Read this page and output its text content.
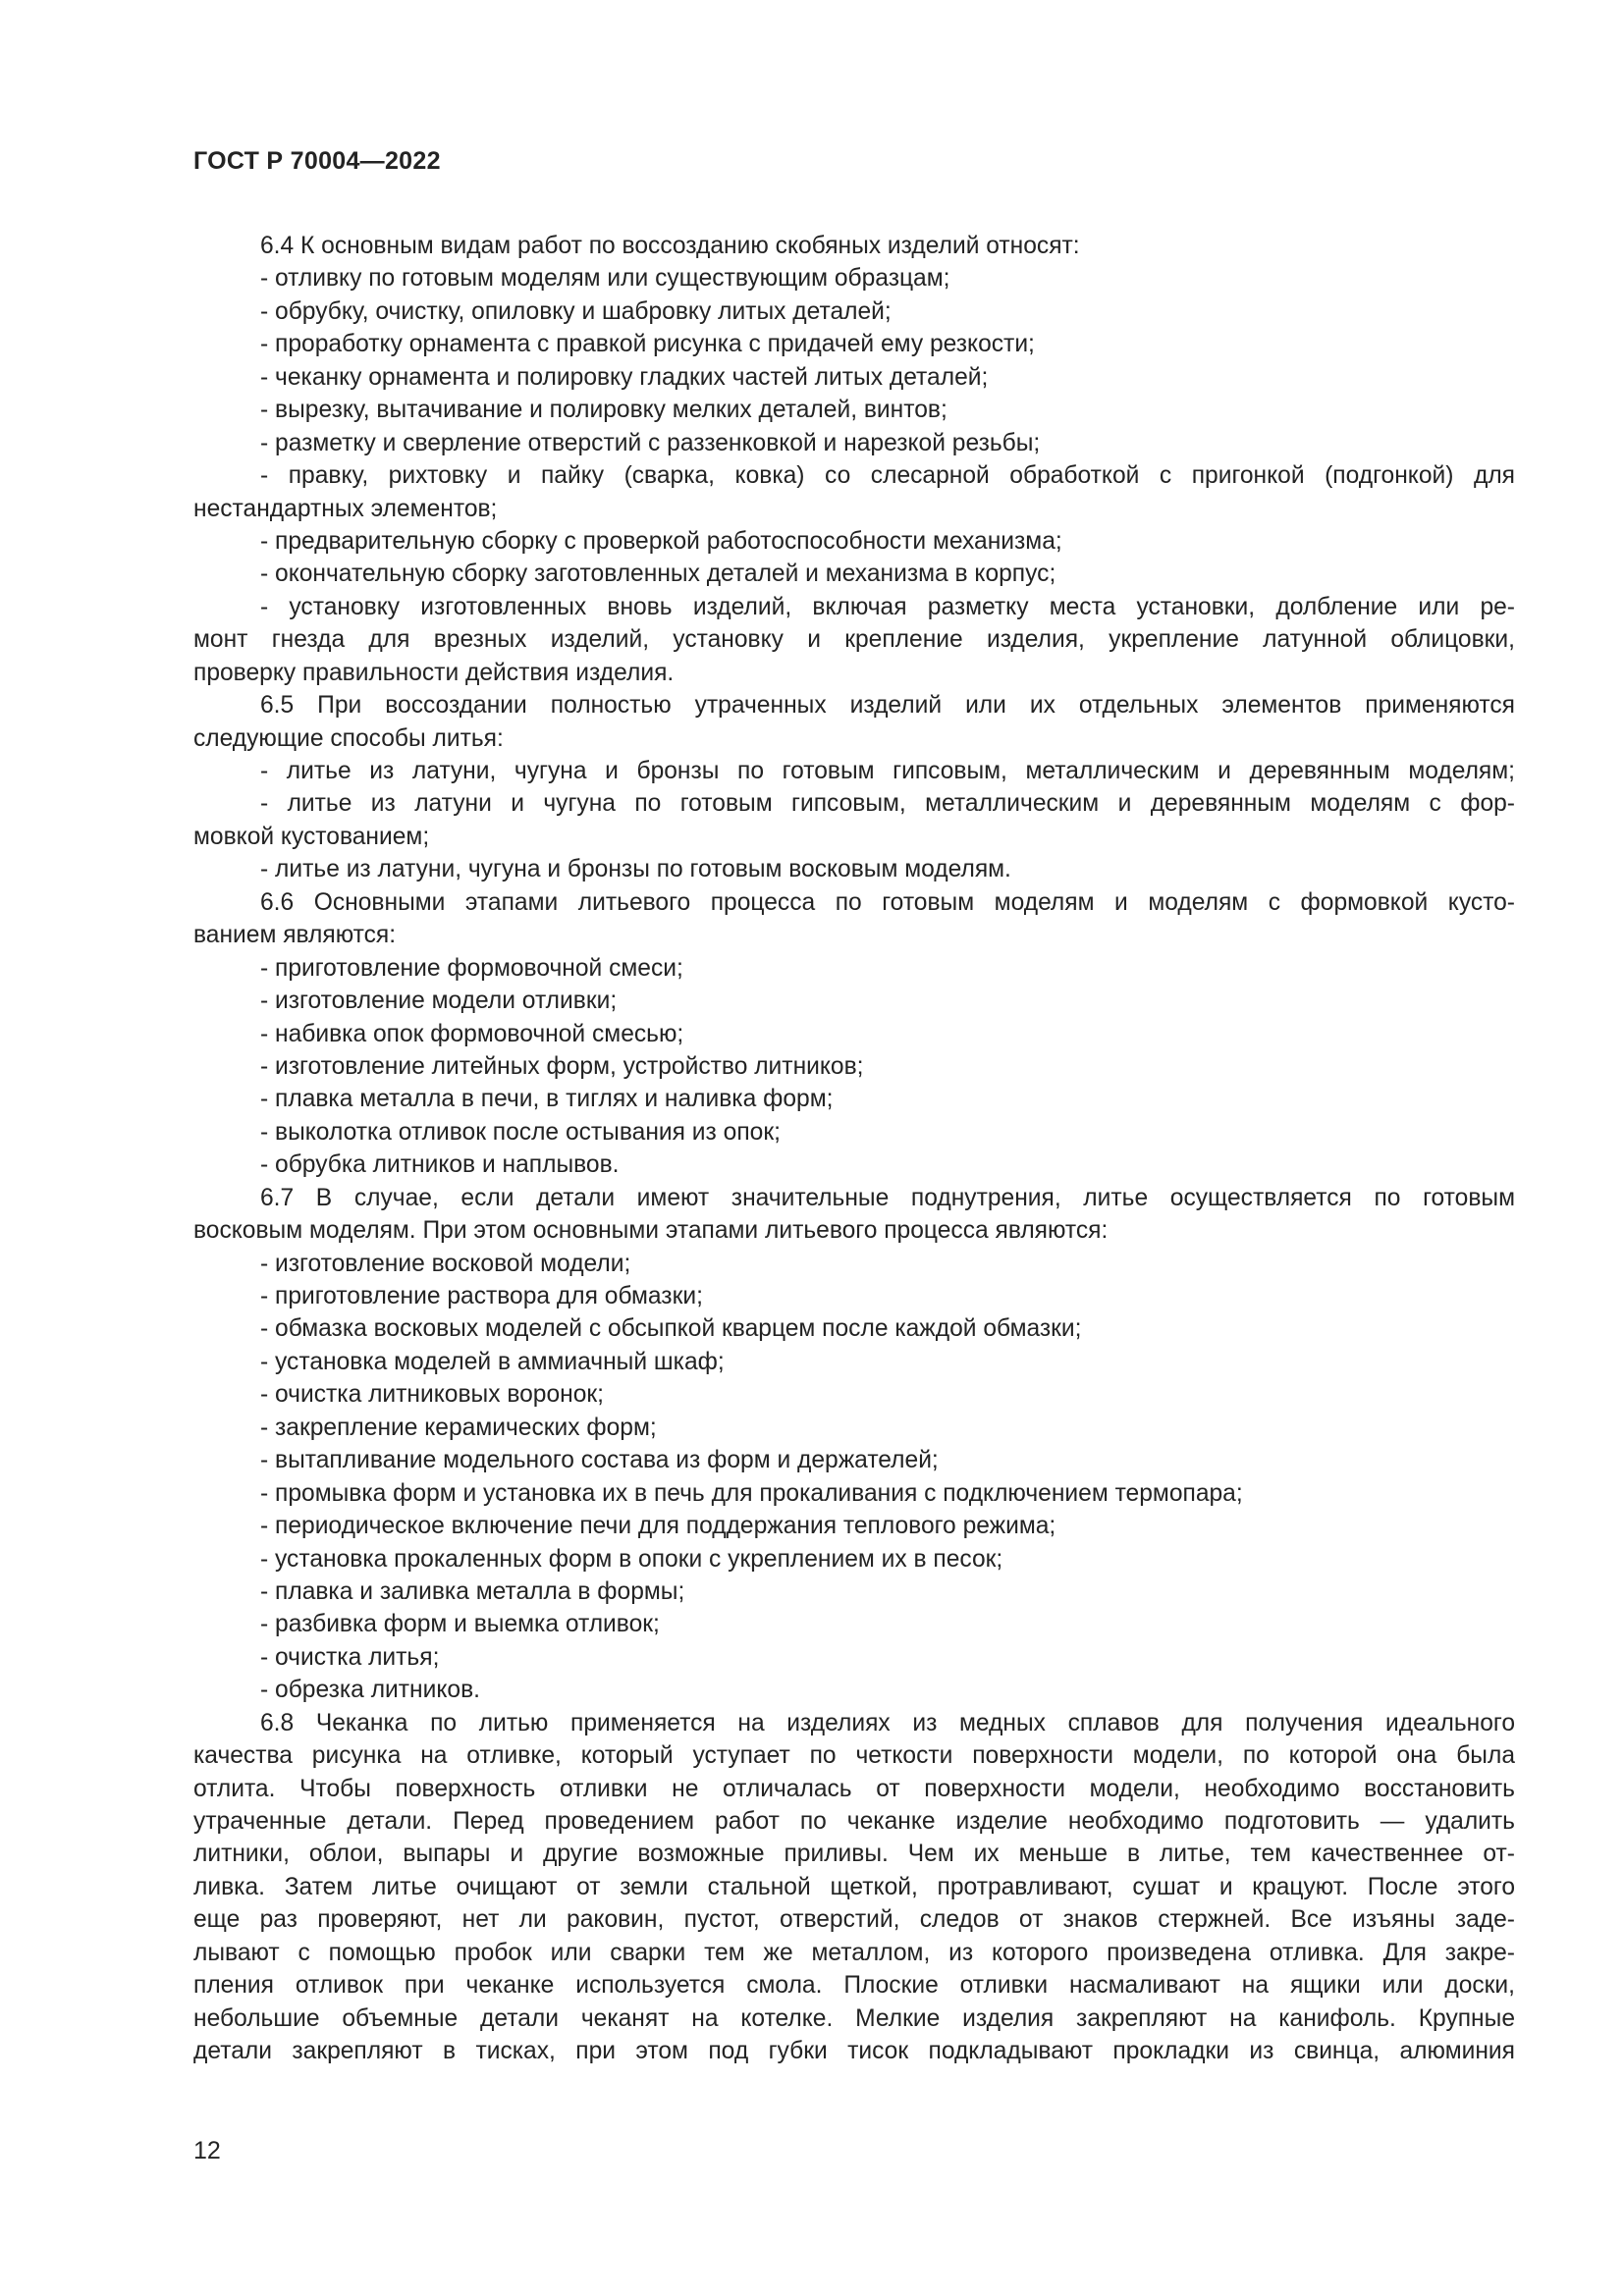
ГОСТ Р 70004—2022
6.4 К основным видам работ по воссозданию скобяных изделий относят:
- отливку по готовым моделям или существующим образцам;
- обрубку, очистку, опиловку и шабровку литых деталей;
- проработку орнамента с правкой рисунка с придачей ему резкости;
- чеканку орнамента и полировку гладких частей литых деталей;
- вырезку, вытачивание и полировку мелких деталей, винтов;
- разметку и сверление отверстий с раззенковкой и нарезкой резьбы;
- правку, рихтовку и пайку (сварка, ковка) со слесарной обработкой с пригонкой (подгонкой) для
нестандартных элементов;
- предварительную сборку с проверкой работоспособности механизма;
- окончательную сборку заготовленных деталей и механизма в корпус;
- установку изготовленных вновь изделий, включая разметку места установки, долбление или ре-
монт гнезда для врезных изделий, установку и крепление изделия, укрепление латунной облицовки,
проверку правильности действия изделия.
6.5 При воссоздании полностью утраченных изделий или их отдельных элементов применяются
следующие способы литья:
- литье из латуни, чугуна и бронзы по готовым гипсовым, металлическим и деревянным моделям;
- литье из латуни и чугуна по готовым гипсовым, металлическим и деревянным моделям с фор-
мовкой кустованием;
- литье из латуни, чугуна и бронзы по готовым восковым моделям.
6.6 Основными этапами литьевого процесса по готовым моделям и моделям с формовкой кусто-
ванием являются:
- приготовление формовочной смеси;
- изготовление модели отливки;
- набивка опок формовочной смесью;
- изготовление литейных форм, устройство литников;
- плавка металла в печи, в тиглях и наливка форм;
- выколотка отливок после остывания из опок;
- обрубка литников и наплывов.
6.7 В случае, если детали имеют значительные поднутрения, литье осуществляется по готовым
восковым моделям. При этом основными этапами литьевого процесса являются:
- изготовление восковой модели;
- приготовление раствора для обмазки;
- обмазка восковых моделей с обсыпкой кварцем после каждой обмазки;
- установка моделей в аммиачный шкаф;
- очистка литниковых воронок;
- закрепление керамических форм;
- вытапливание модельного состава из форм и держателей;
- промывка форм и установка их в печь для прокаливания с подключением термопара;
- периодическое включение печи для поддержания теплового режима;
- установка прокаленных форм в опоки с укреплением их в песок;
- плавка и заливка металла в формы;
- разбивка форм и выемка отливок;
- очистка литья;
- обрезка литников.
6.8 Чеканка по литью применяется на изделиях из медных сплавов для получения идеального
качества рисунка на отливке, который уступает по четкости поверхности модели, по которой она была
отлита. Чтобы поверхность отливки не отличалась от поверхности модели, необходимо восстановить
утраченные детали. Перед проведением работ по чеканке изделие необходимо подготовить — удалить
литники, облои, выпары и другие возможные приливы. Чем их меньше в литье, тем качественнее от-
ливка. Затем литье очищают от земли стальной щеткой, протравливают, сушат и крацуют. После этого
еще раз проверяют, нет ли раковин, пустот, отверстий, следов от знаков стержней. Все изъяны заде-
лывают с помощью пробок или сварки тем же металлом, из которого произведена отливка. Для закре-
пления отливок при чеканке используется смола. Плоские отливки насмаливают на ящики или доски,
небольшие объемные детали чеканят на котелке. Мелкие изделия закрепляют на канифоль. Крупные
детали закрепляют в тисках, при этом под губки тисок подкладывают прокладки из свинца, алюминия
12
